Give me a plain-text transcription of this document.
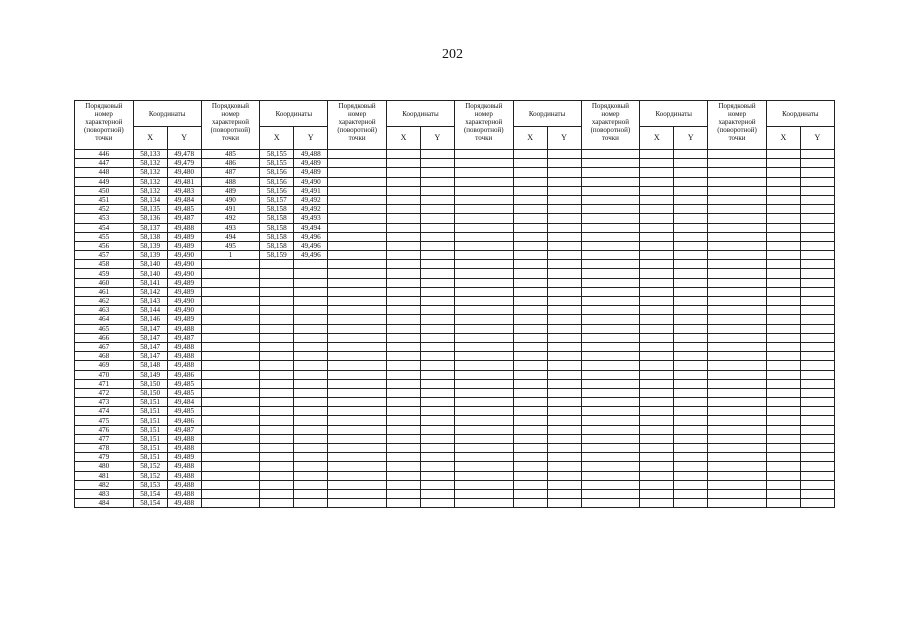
202
Порядковый
номер
характерной
(поворотной)
точки	Координаты		Порядковый
номер
характерной
(поворотной)
точки	Координаты		Порядковый
номер
характерной
(поворотной)
точки	Координаты		Порядковый
номер
характерной
(поворотной)
точки	Координаты		Порядковый
номер
характерной
(поворотной)
точки	Координаты		Порядковый
номер
характерной
(поворотной)
точки	Координаты	
	X	Y		X	Y		X	Y		X	Y		X	Y		X	Y
446	58,133	49,478	485	58,155	49,488												
447	58,132	49,479	486	58,155	49,489												
448	58,132	49,480	487	58,156	49,489												
449	58,132	49,481	488	58,156	49,490												
450	58,132	49,483	489	58,156	49,491												
451	58,134	49,484	490	58,157	49,492												
452	58,135	49,485	491	58,158	49,492												
453	58,136	49,487	492	58,158	49,493												
454	58,137	49,488	493	58,158	49,494												
455	58,138	49,489	494	58,158	49,496												
456	58,139	49,489	495	58,158	49,496												
457	58,139	49,490	1	58,159	49,496												
458	58,140	49,490															
459	58,140	49,490															
460	58,141	49,489															
461	58,142	49,489															
462	58,143	49,490															
463	58,144	49,490															
464	58,146	49,489															
465	58,147	49,488															
466	58,147	49,487															
467	58,147	49,488															
468	58,147	49,488															
469	58,148	49,488															
470	58,149	49,486															
471	58,150	49,485															
472	58,150	49,485															
473	58,151	49,484															
474	58,151	49,485															
475	58,151	49,486															
476	58,151	49,487															
477	58,151	49,488															
478	58,151	49,488															
479	58,151	49,489															
480	58,152	49,488															
481	58,152	49,488															
482	58,153	49,488															
483	58,154	49,488															
484	58,154	49,488															
